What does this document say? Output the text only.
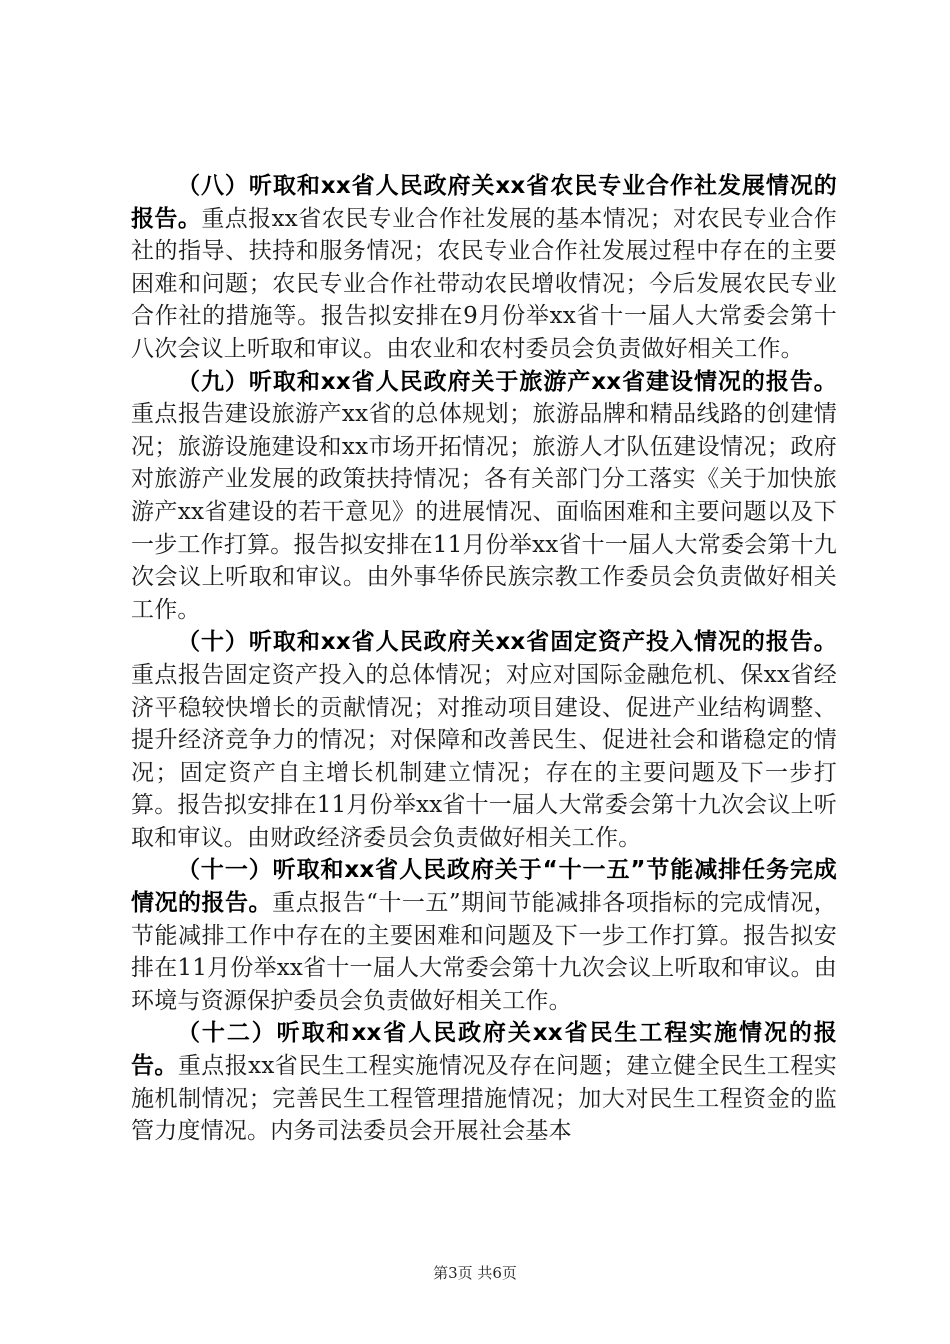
（八）听取和xx省人民政府关xx省农民专业合作社发展情况的报告。重点报xx省农民专业合作社发展的基本情况；对农民专业合作社的指导、扶持和服务情况；农民专业合作社发展过程中存在的主要困难和问题；农民专业合作社带动农民增收情况；今后发展农民专业合作社的措施等。报告拟安排在9月份举xx省十一届人大常委会第十八次会议上听取和审议。由农业和农村委员会负责做好相关工作。

（九）听取和xx省人民政府关于旅游产xx省建设情况的报告。重点报告建设旅游产xx省的总体规划；旅游品牌和精品线路的创建情况；旅游设施建设和xx市场开拓情况；旅游人才队伍建设情况；政府对旅游产业发展的政策扶持情况；各有关部门分工落实《关于加快旅游产xx省建设的若干意见》的进展情况、面临困难和主要问题以及下一步工作打算。报告拟安排在11月份举xx省十一届人大常委会第十九次会议上听取和审议。由外事华侨民族宗教工作委员会负责做好相关工作。

（十）听取和xx省人民政府关xx省固定资产投入情况的报告。重点报告固定资产投入的总体情况；对应对国际金融危机、保xx省经济平稳较快增长的贡献情况；对推动项目建设、促进产业结构调整、提升经济竞争力的情况；对保障和改善民生、促进社会和谐稳定的情况；固定资产自主增长机制建立情况；存在的主要问题及下一步打算。报告拟安排在11月份举xx省十一届人大常委会第十九次会议上听取和审议。由财政经济委员会负责做好相关工作。

（十一）听取和xx省人民政府关于“十一五”节能减排任务完成情况的报告。重点报告“十一五”期间节能减排各项指标的完成情况，节能减排工作中存在的主要困难和问题及下一步工作打算。报告拟安排在11月份举xx省十一届人大常委会第十九次会议上听取和审议。由环境与资源保护委员会负责做好相关工作。

（十二）听取和xx省人民政府关xx省民生工程实施情况的报告。重点报xx省民生工程实施情况及存在问题；建立健全民生工程实施机制情况；完善民生工程管理措施情况；加大对民生工程资金的监管力度情况。内务司法委员会开展社会基本

第3页 共6页
